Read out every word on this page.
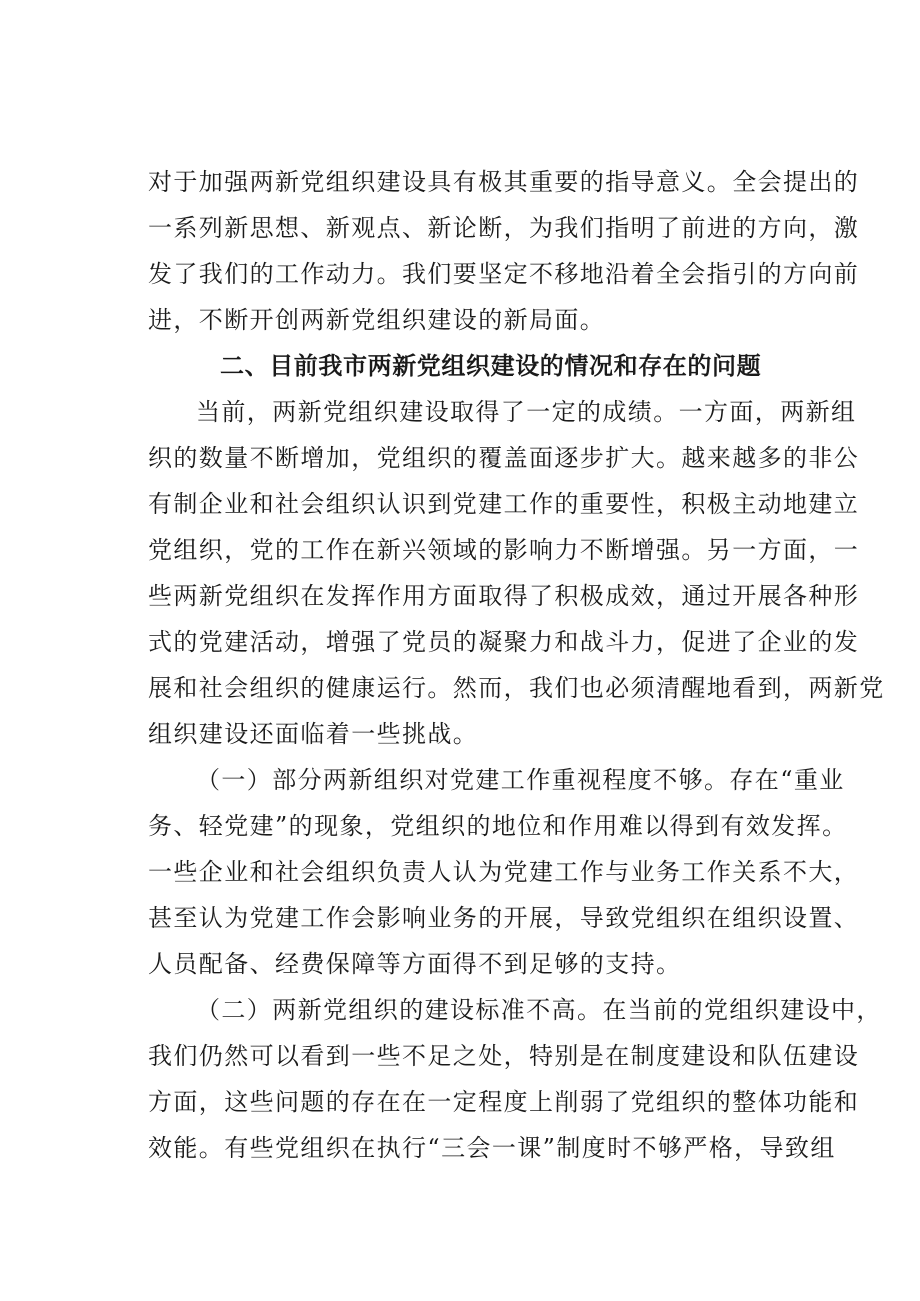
对于加强两新党组织建设具有极其重要的指导意义。全会提出的
一系列新思想、新观点、新论断，为我们指明了前进的方向，激
发了我们的工作动力。我们要坚定不移地沿着全会指引的方向前
进，不断开创两新党组织建设的新局面。
二、目前我市两新党组织建设的情况和存在的问题
当前，两新党组织建设取得了一定的成绩。一方面，两新组
织的数量不断增加，党组织的覆盖面逐步扩大。越来越多的非公
有制企业和社会组织认识到党建工作的重要性，积极主动地建立
党组织，党的工作在新兴领域的影响力不断增强。另一方面，一
些两新党组织在发挥作用方面取得了积极成效，通过开展各种形
式的党建活动，增强了党员的凝聚力和战斗力，促进了企业的发
展和社会组织的健康运行。然而，我们也必须清醒地看到，两新党
组织建设还面临着一些挑战。
（一）部分两新组织对党建工作重视程度不够。存在“重业
务、轻党建”的现象，党组织的地位和作用难以得到有效发挥。
一些企业和社会组织负责人认为党建工作与业务工作关系不大，
甚至认为党建工作会影响业务的开展，导致党组织在组织设置、
人员配备、经费保障等方面得不到足够的支持。
（二）两新党组织的建设标准不高。在当前的党组织建设中，
我们仍然可以看到一些不足之处，特别是在制度建设和队伍建设
方面，这些问题的存在在一定程度上削弱了党组织的整体功能和
效能。有些党组织在执行“三会一课”制度时不够严格，导致组
